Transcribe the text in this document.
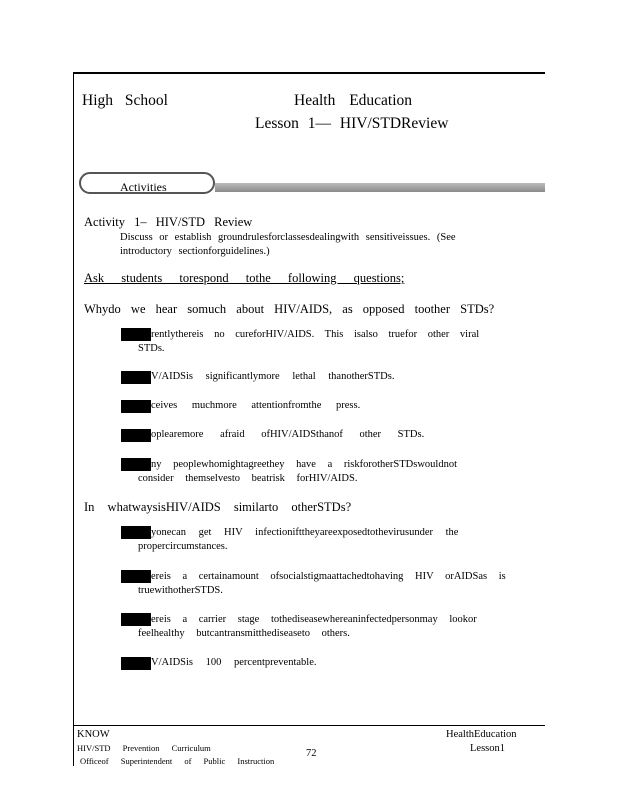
High School	Health Education
Lesson 1— HIV/STDReview
Activities
Activity 1– HIV/STD Review
Discuss or establish groundrulesforclassesdealingwith sensitiveissues. (See introductory sectionforguidelines.)
Ask students torespond tothe following questions;
Whydo we hear somuch about HIV/AIDS, as opposed toother STDs?
rentlythereis no cureforHIV/AIDS. This isalso truefor other viral STDs.
V/AIDSis significantlymore lethal thanotherSTDs.
ceives muchmore attentionfromthe press.
oplearemore afraid ofHIV/AIDSthanof other STDs.
ny peoplewhomightagreethey have a riskforotherSTDswouldnot consider themselvesto beatrisk forHIV/AIDS.
In whatwaysisHIV/AIDS similarto otherSTDs?
yonecan get HIV infectionifttheyareexposedtothevirusunder the propercircumstances.
ereis a certainamount ofsocialstigmaattachedtohaving HIV orAIDSas is truewithotherSTDS.
ereis a carrier stage tothediseasewhereaninfectedpersonmay lookor feelhealthy butcantransmitthediseaseto others.
V/AIDSis 100 percentpreventable.
KNOW
HIV/STD Prevention Curriculum
Officeof Superintendent of Public Instruction
72
HealthEducation
Lesson1
